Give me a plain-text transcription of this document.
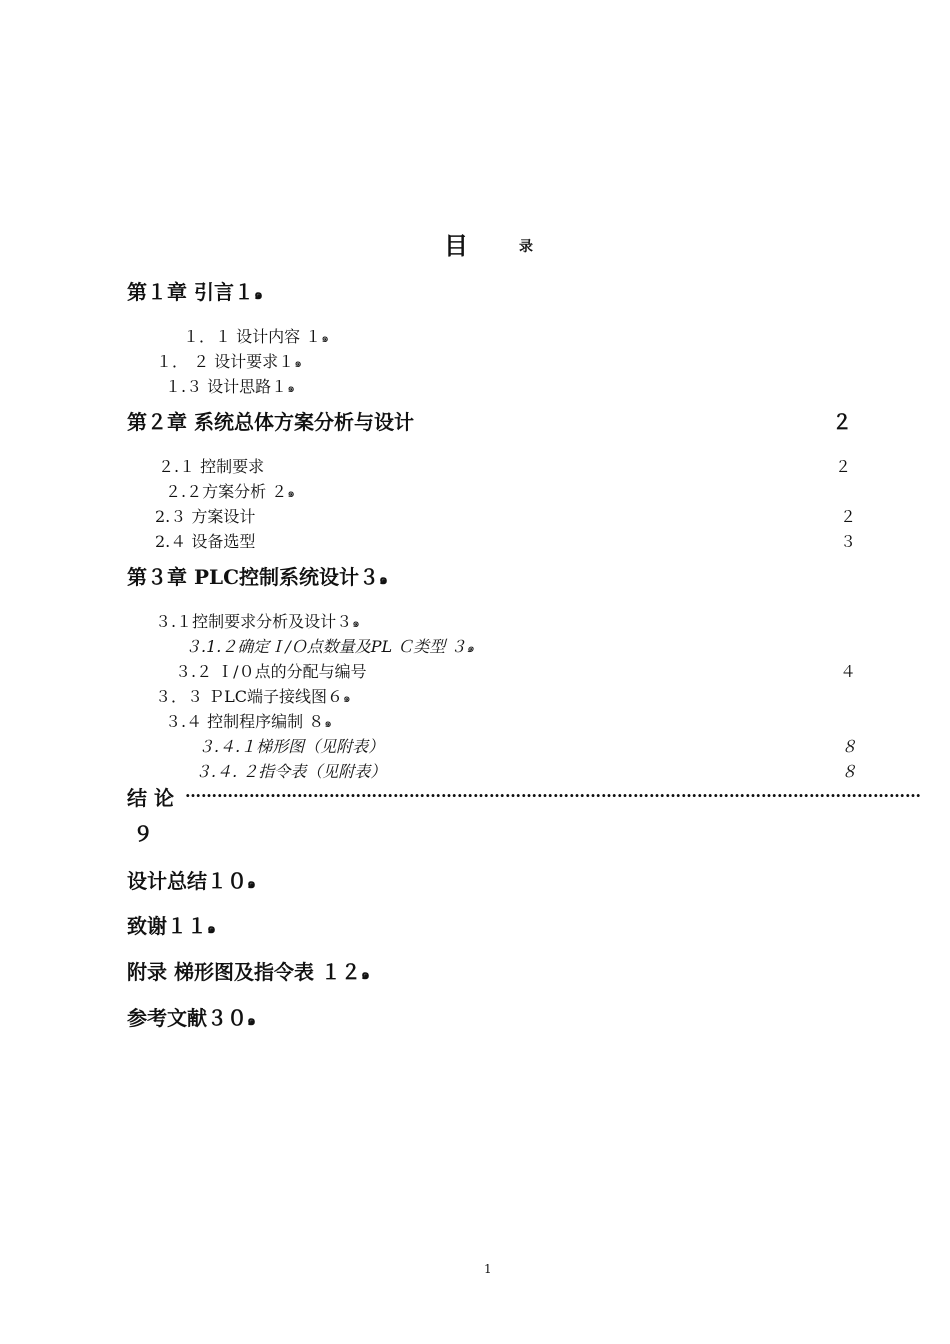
目	录
第１章 引言１๑
１．１ 设计内容 １๑
１． ２ 设计要求１๑
１.３ 设计思路１๑
第２章 系统总体方案分析与设计	２
２.１ 控制要求	２
２.２方案分析 ２๑
2.３ 方案设计	２
2.４ 设备选型	３
第３章 PLC控制系统设计３๑
３.１控制要求分析及设计３๑
３.1.２确定Ｉ/Ｏ点数量及PL Ｃ类型 ３๑
３.２ Ｉ/０点的分配与编号	４
３．３ ＰLC端子接线图６๑
３.４ 控制程序编制 ８๑
３.４.１梯形图（见附表）	８
３.４. ２指令表（见附表）	８
结 论 …………………………………………………………………………………………………………………………
９
设计总结１０๑
致谢１１๑
附录 梯形图及指令表 １２๑
参考文献３０๑
1
